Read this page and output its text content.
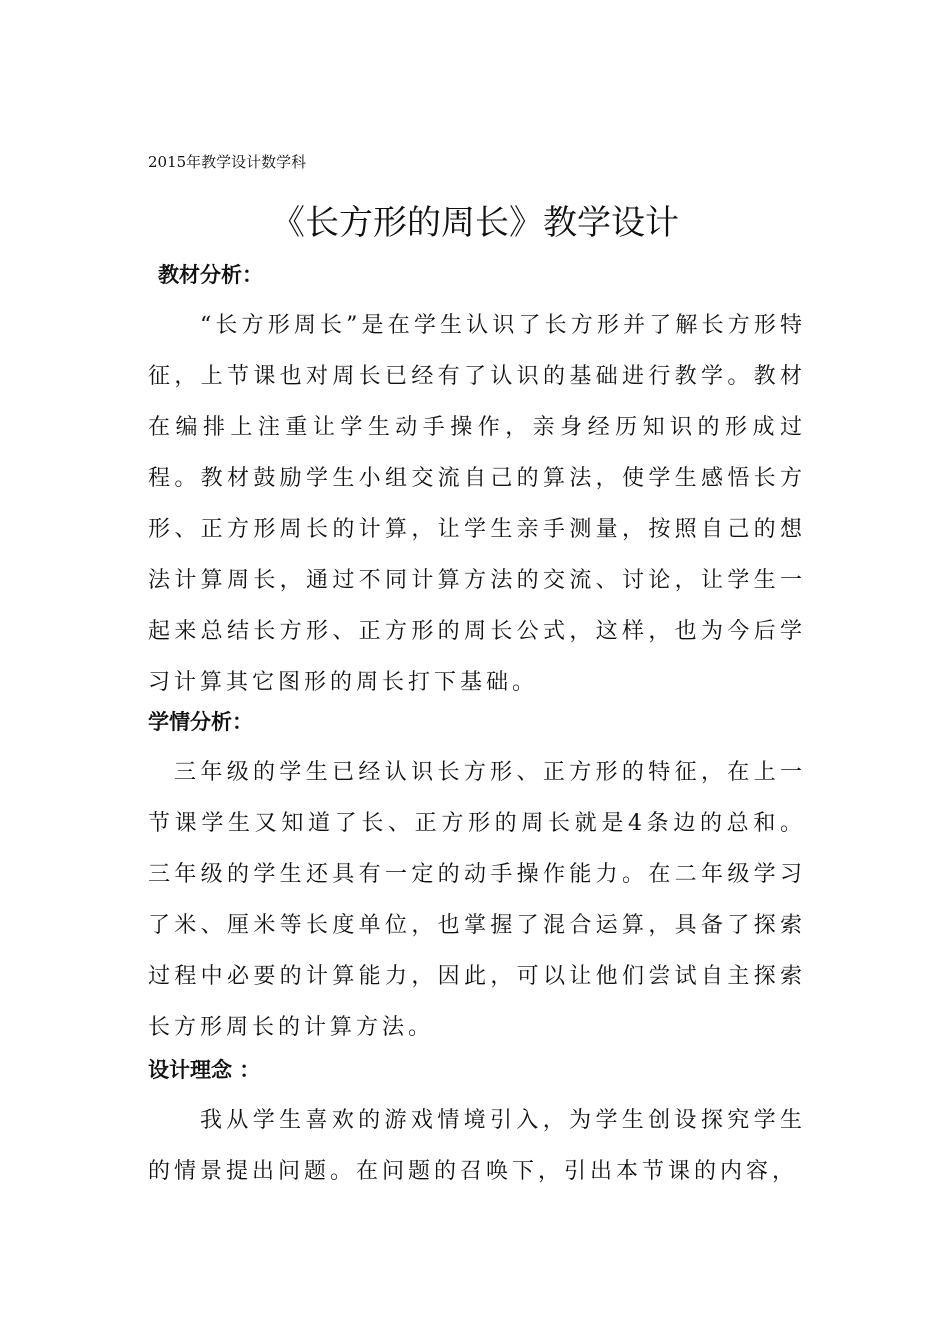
2015年教学设计数学科
《长方形的周长》教学设计
教材分析：

“长方形周长”是在学生认识了长方形并了解长方形特征，上节课也对周长已经有了认识的基础进行教学。教材在编排上注重让学生动手操作，亲身经历知识的形成过程。教材鼓励学生小组交流自己的算法，使学生感悟长方形、正方形周长的计算，让学生亲手测量，按照自己的想法计算周长，通过不同计算方法的交流、讨论，让学生一起来总结长方形、正方形的周长公式，这样，也为今后学习计算其它图形的周长打下基础。

学情分析：

三年级的学生已经认识长方形、正方形的特征，在上一节课学生又知道了长、正方形的周长就是4条边的总和。三年级的学生还具有一定的动手操作能力。在二年级学习了米、厘米等长度单位，也掌握了混合运算，具备了探索过程中必要的计算能力，因此，可以让他们尝试自主探索长方形周长的计算方法。

设计理念 ：

我从学生喜欢的游戏情境引入，为学生创设探究学生的情景提出问题。在问题的召唤下，引出本节课的内容，
